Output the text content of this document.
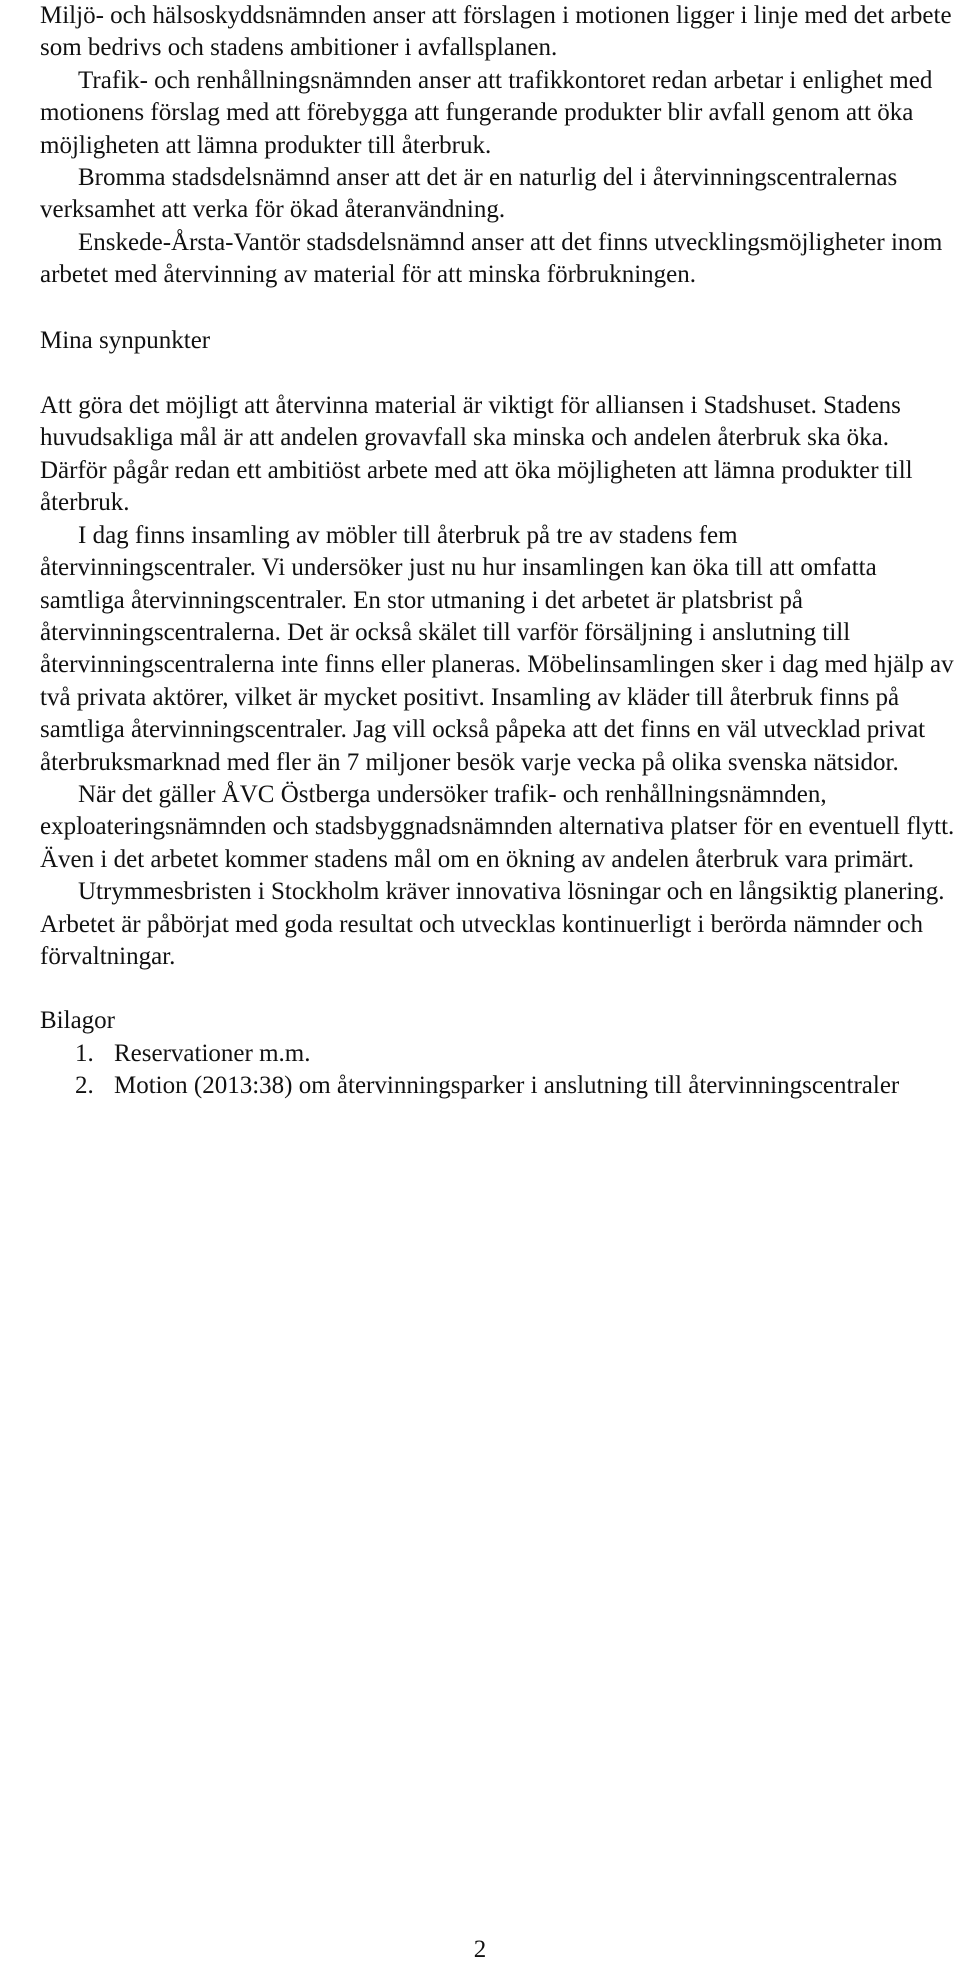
Miljö- och hälsoskyddsnämnden anser att förslagen i motionen ligger i linje med det arbete som bedrivs och stadens ambitioner i avfallsplanen.

Trafik- och renhållningsnämnden anser att trafikkontoret redan arbetar i enlighet med motionens förslag med att förebygga att fungerande produkter blir avfall genom att öka möjligheten att lämna produkter till återbruk.

Bromma stadsdelsnämnd anser att det är en naturlig del i återvinningscentralernas verksamhet att verka för ökad återanvändning.

Enskede-Årsta-Vantör stadsdelsnämnd anser att det finns utvecklingsmöjligheter inom arbetet med återvinning av material för att minska förbrukningen.

Mina synpunkter

Att göra det möjligt att återvinna material är viktigt för alliansen i Stadshuset. Stadens huvudsakliga mål är att andelen grovavfall ska minska och andelen återbruk ska öka. Därför pågår redan ett ambitiöst arbete med att öka möjligheten att lämna produkter till återbruk.

I dag finns insamling av möbler till återbruk på tre av stadens fem återvinningscentraler. Vi undersöker just nu hur insamlingen kan öka till att omfatta samtliga återvinningscentraler. En stor utmaning i det arbetet är platsbrist på återvinningscentralerna. Det är också skälet till varför försäljning i anslutning till återvinningscentralerna inte finns eller planeras. Möbelinsamlingen sker i dag med hjälp av två privata aktörer, vilket är mycket positivt. Insamling av kläder till återbruk finns på samtliga återvinningscentraler. Jag vill också påpeka att det finns en väl utvecklad privat återbruksmarknad med fler än 7 miljoner besök varje vecka på olika svenska nätsidor.

När det gäller ÅVC Östberga undersöker trafik- och renhållningsnämnden, exploateringsnämnden och stadsbyggnadsnämnden alternativa platser för en eventuell flytt. Även i det arbetet kommer stadens mål om en ökning av andelen återbruk vara primärt.

Utrymmesbristen i Stockholm kräver innovativa lösningar och en långsiktig planering. Arbetet är påbörjat med goda resultat och utvecklas kontinuerligt i berörda nämnder och förvaltningar.

Bilagor

1. Reservationer m.m.
2. Motion (2013:38) om återvinningsparker i anslutning till återvinningscentraler
2
